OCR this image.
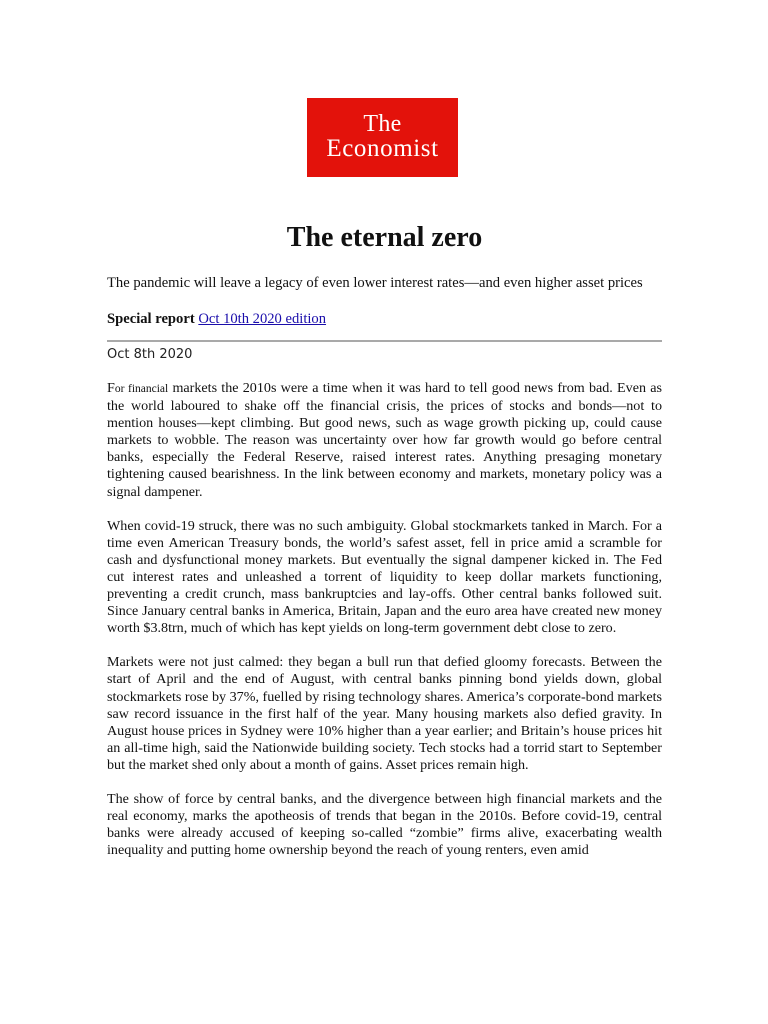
The
Economist
The eternal zero
The pandemic will leave a legacy of even lower interest rates—and even higher asset prices
Special report Oct 10th 2020 edition
Oct 8th 2020

For financial markets the 2010s were a time when it was hard to tell good news from bad. Even as the world laboured to shake off the financial crisis, the prices of stocks and bonds—not to mention houses—kept climbing. But good news, such as wage growth picking up, could cause markets to wobble. The reason was uncertainty over how far growth would go before central banks, especially the Federal Reserve, raised interest rates. Anything presaging monetary tightening caused bearishness. In the link between economy and markets, monetary policy was a signal dampener.

When covid-19 struck, there was no such ambiguity. Global stockmarkets tanked in March. For a time even American Treasury bonds, the world’s safest asset, fell in price amid a scramble for cash and dysfunctional money markets. But eventually the signal dampener kicked in. The Fed cut interest rates and unleashed a torrent of liquidity to keep dollar markets functioning, preventing a credit crunch, mass bankruptcies and lay-offs. Other central banks followed suit. Since January central banks in America, Britain, Japan and the euro area have created new money worth $3.8trn, much of which has kept yields on long-term government debt close to zero.

Markets were not just calmed: they began a bull run that defied gloomy forecasts. Between the start of April and the end of August, with central banks pinning bond yields down, global stockmarkets rose by 37%, fuelled by rising technology shares. America’s corporate-bond markets saw record issuance in the first half of the year. Many housing markets also defied gravity. In August house prices in Sydney were 10% higher than a year earlier; and Britain’s house prices hit an all-time high, said the Nationwide building society. Tech stocks had a torrid start to September but the market shed only about a month of gains. Asset prices remain high.

The show of force by central banks, and the divergence between high financial markets and the real economy, marks the apotheosis of trends that began in the 2010s. Before covid-19, central banks were already accused of keeping so-called “zombie” firms alive, exacerbating wealth inequality and putting home ownership beyond the reach of young renters, even amid
